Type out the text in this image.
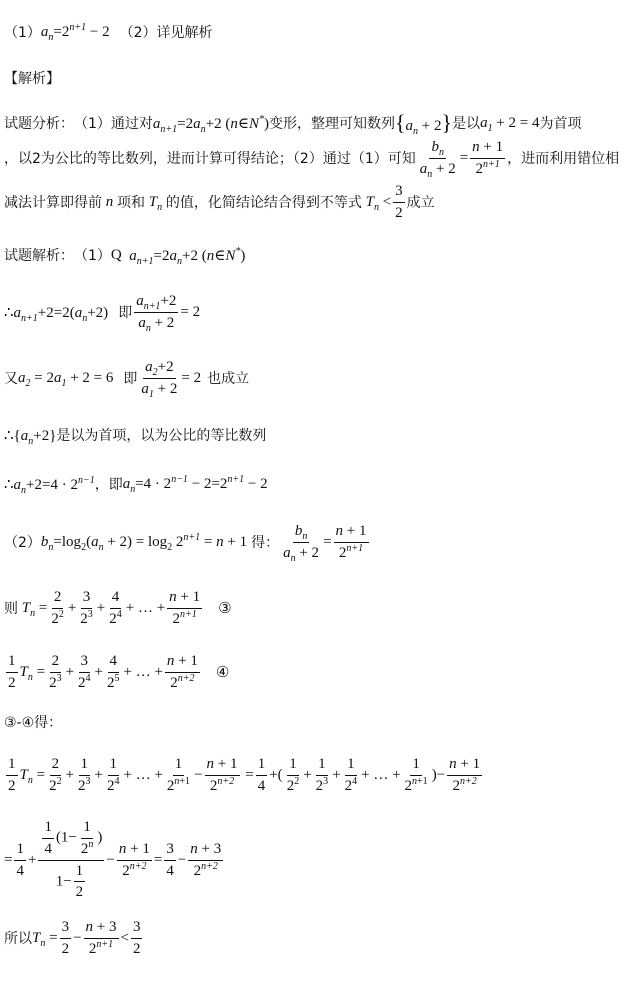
（1） $a_n=2^{n+1} - 2$ （2）详见解析
【解析】
试题分析： （1）通过对 $a_{n+1}=2a_n+2$ (n∈N*) 变形，整理可知数列 $\{a_n + 2\}$ 是以 $a_1 + 2 = 4$ 为首项
，以2为公比的等比数列，进而计算可得结论；（2）通过（1）可知 $\frac{b_n}{a_n + 2} = \frac{n + 1}{2^{n+1}}$ ，进而利用错位相
减法计算即得前 n 项和 $T_n$ 的值，化简结论结合得到不等式 $T_n < \frac{3}{2}$ 成立
试题解析： （1） Q $a_{n+1}=2a_n+2$ (n∈N*)
$\therefore a_{n+1}+2=2(a_n+2)$ 即 $\frac{a_{n+1}+2}{a_n + 2} = 2$
又 $a_2 = 2a_1 + 2 = 6$ 即 $\frac{a_2+2}{a_1 + 2} = 2$ 也成立
$\therefore\{a_n+2\}$ 是以为首项，以为公比的等比数列
$\therefore a_n+2=4 \cdot 2^{n-1}$ ，即 $a_n=4 \cdot 2^{n-1} - 2=2^{n+1} - 2$
（2） $b_n=\log_2(a_n + 2) = \log_2 2^{n+1} = n + 1$ 得： $\frac{b_n}{a_n + 2} = \frac{n + 1}{2^{n+1}}$
则 $T_n = \frac{2}{2^2} + \frac{3}{2^3} + \frac{4}{2^4}$ + … + $\frac{n + 1}{2^{n+1}}$ ③
$\frac{1}{2} T_n = \frac{2}{2^3} + \frac{3}{2^4} + \frac{4}{2^5}$ + … + $\frac{n + 1}{2^{n+2}}$ ④
③-④得：
$\frac{1}{2} T_n = \frac{2}{2^2} + \frac{1}{2^3} + \frac{1}{2^4}$ + … + $\frac{1}{2^{n+1}} - \frac{n + 1}{2^{n+2}} = \frac{1}{4}$ +( $\frac{1}{2^2} + \frac{1}{2^3} + \frac{1}{2^4}$ + … + $\frac{1}{2^{n+1}}$ )− $\frac{n + 1}{2^{n+2}}$
= $\frac{1}{4} + \frac{\frac{1}{4} (1- \frac{1}{2^n} )}{1- \frac{1}{2}} - \frac{n + 1}{2^{n+2}} = \frac{3}{4} - \frac{n + 3}{2^{n+2}}$
所以 $T_n = \frac{3}{2} - \frac{n + 3}{2^{n+1}} < \frac{3}{2}$
